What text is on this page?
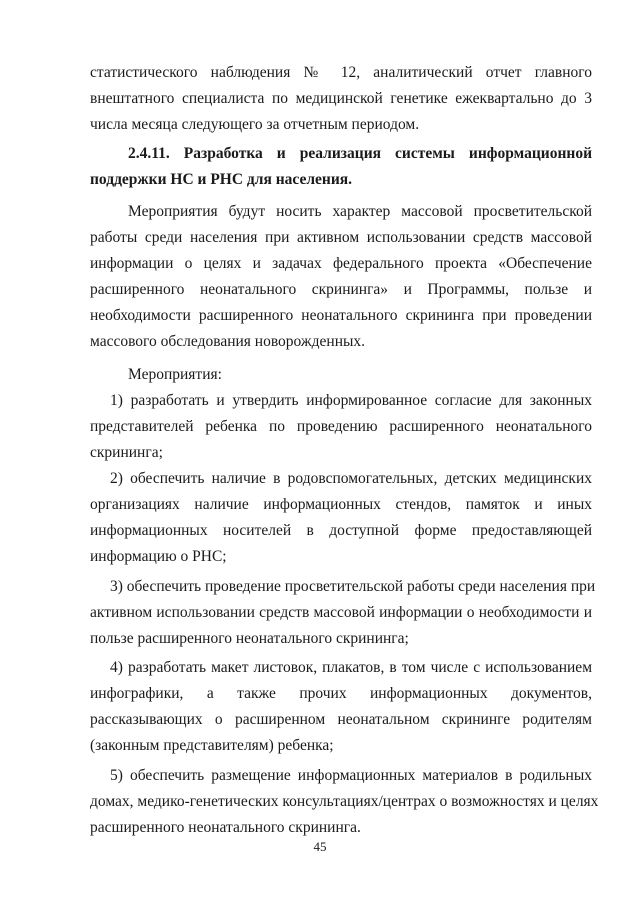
статистического наблюдения № 12, аналитический отчет главного
внештатного специалиста по медицинской генетике ежеквартально до 3
числа месяца следующего за отчетным периодом.
2.4.11. Разработка и реализация системы информационной
поддержки НС и РНС для населения.
Мероприятия будут носить характер массовой просветительской
работы среди населения при активном использовании средств массовой
информации о целях и задачах федерального проекта «Обеспечение
расширенного неонатального скрининга» и Программы, пользе и
необходимости расширенного неонатального скрининга при проведении
массового обследования новорожденных.
Мероприятия:
1) разработать и утвердить информированное согласие для законных
представителей ребенка по проведению расширенного неонатального
скрининга;
2) обеспечить наличие в родовспомогательных, детских медицинских
организациях наличие информационных стендов, памяток и иных
информационных носителей в доступной форме предоставляющей
информацию о РНС;
3) обеспечить проведение просветительской работы среди населения при
активном использовании средств массовой информации о необходимости и
пользе расширенного неонатального скрининга;
4) разработать макет листовок, плакатов, в том числе с использованием
инфографики, а также прочих информационных документов,
рассказывающих о расширенном неонатальном скрининге родителям
(законным представителям) ребенка;
5) обеспечить размещение информационных материалов в родильных
домах, медико-генетических консультациях/центрах о возможностях и целях
расширенного неонатального скрининга.
45
